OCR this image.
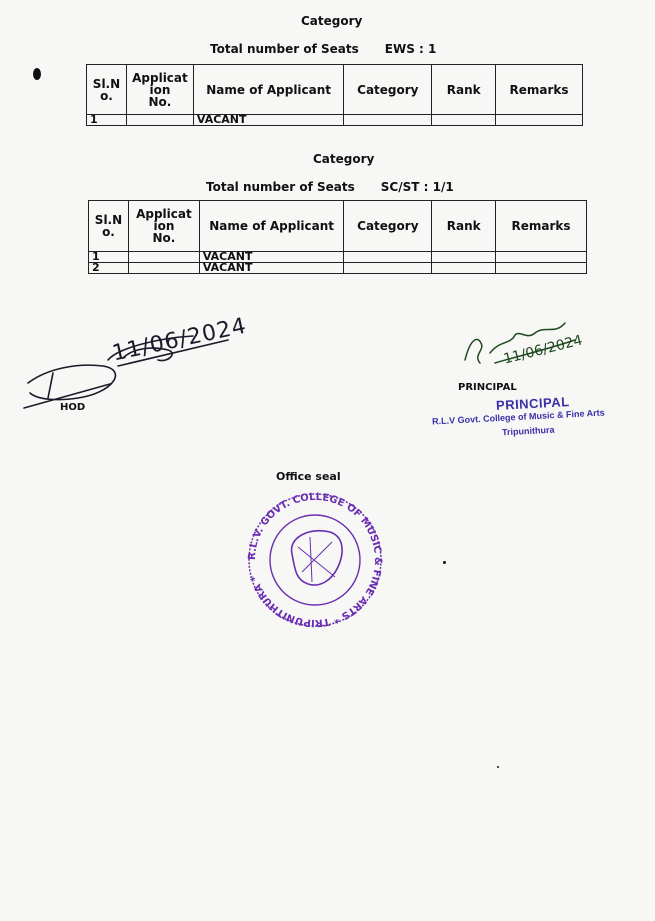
Category
Total number of Seats EWS : 1
Sl.N
o.	Applicat
ion
No.	Name of Applicant	Category	Rank	Remarks
1		VACANT			
Category
Total number of Seats SC/ST : 1/1
Sl.N
o.	Applicat
ion
No.	Name of Applicant	Category	Rank	Remarks
1		VACANT			
2		VACANT			
HOD
11/06/2024	11/06/2024
PRINCIPAL
PRINCIPAL
R.L.V Govt. College of Music & Fine Arts
Tripunithura
Office seal
R.L.V. GOVT. COLLEGE OF MUSIC & FINE ARTS * TRIPUNITHURA *
